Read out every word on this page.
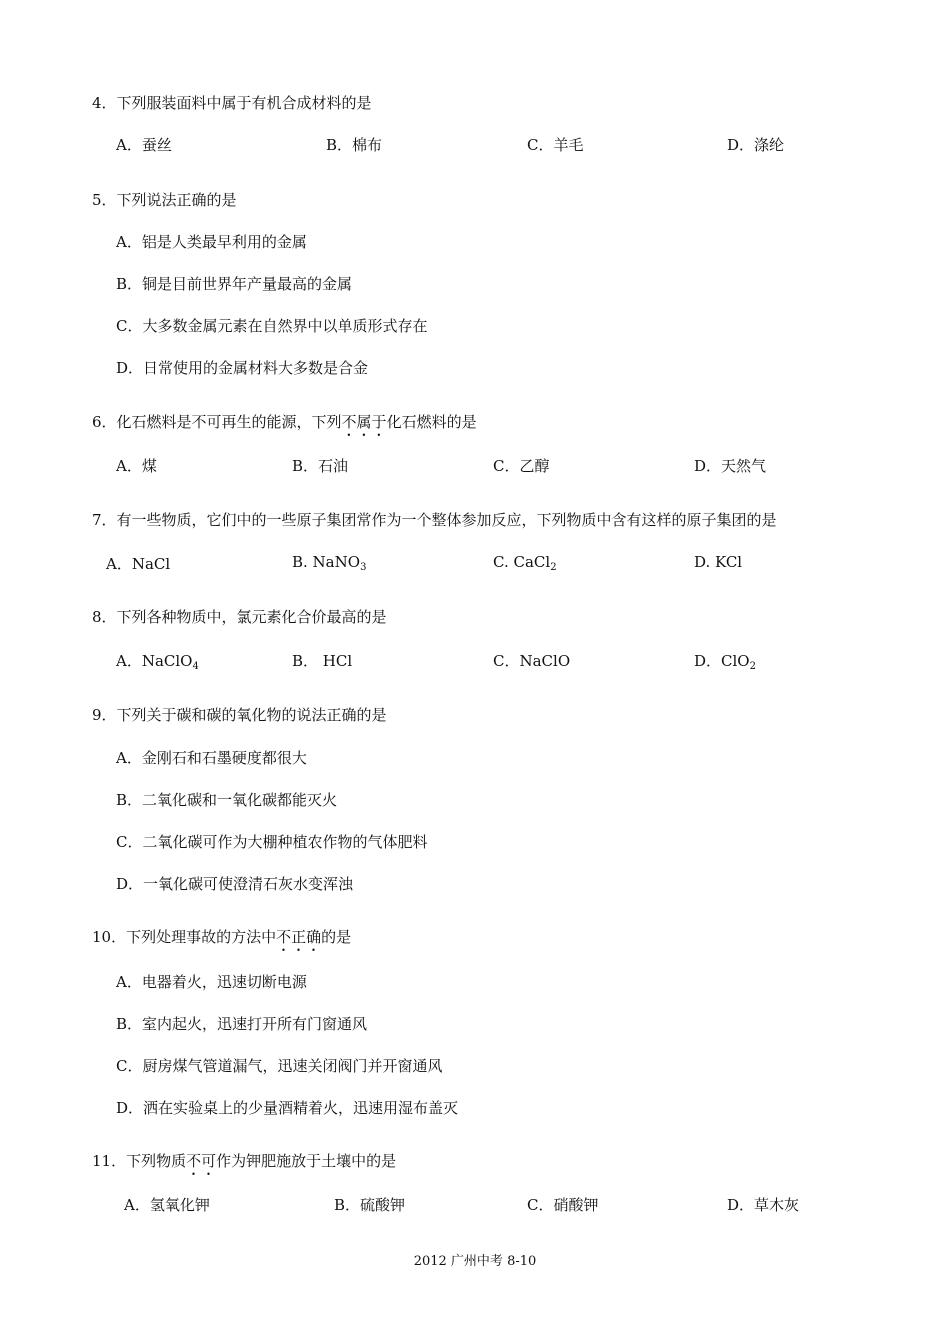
4．下列服装面料中属于有机合成材料的是
A．蚕丝	B．棉布	C．羊毛	D．涤纶
5．下列说法正确的是
A．铝是人类最早利用的金属
B．铜是目前世界年产量最高的金属
C．大多数金属元素在自然界中以单质形式存在
D．日常使用的金属材料大多数是合金
6．化石燃料是不可再生的能源，下列不属于化石燃料的是
A．煤	B．石油	C．乙醇	D．天然气
7．有一些物质，它们中的一些原子集团常作为一个整体参加反应，下列物质中含有这样的原子集团的是
A．NaCl	B. NaNO$_3$	C. CaCl$_2$	D. KCl
8．下列各种物质中，氯元素化合价最高的是
A．NaClO$_4$	B． HCl	C．NaClO	D．ClO$_2$
9．下列关于碳和碳的氧化物的说法正确的是
A．金刚石和石墨硬度都很大
B．二氧化碳和一氧化碳都能灭火
C．二氧化碳可作为大棚种植农作物的气体肥料
D．一氧化碳可使澄清石灰水变浑浊
10．下列处理事故的方法中不正确的是
A．电器着火，迅速切断电源
B．室内起火，迅速打开所有门窗通风
C．厨房煤气管道漏气，迅速关闭阀门并开窗通风
D．洒在实验桌上的少量酒精着火，迅速用湿布盖灭
11．下列物质不可作为钾肥施放于土壤中的是
A．氢氧化钾	B．硫酸钾	C．硝酸钾	D．草木灰
2012 广州中考 8-10
